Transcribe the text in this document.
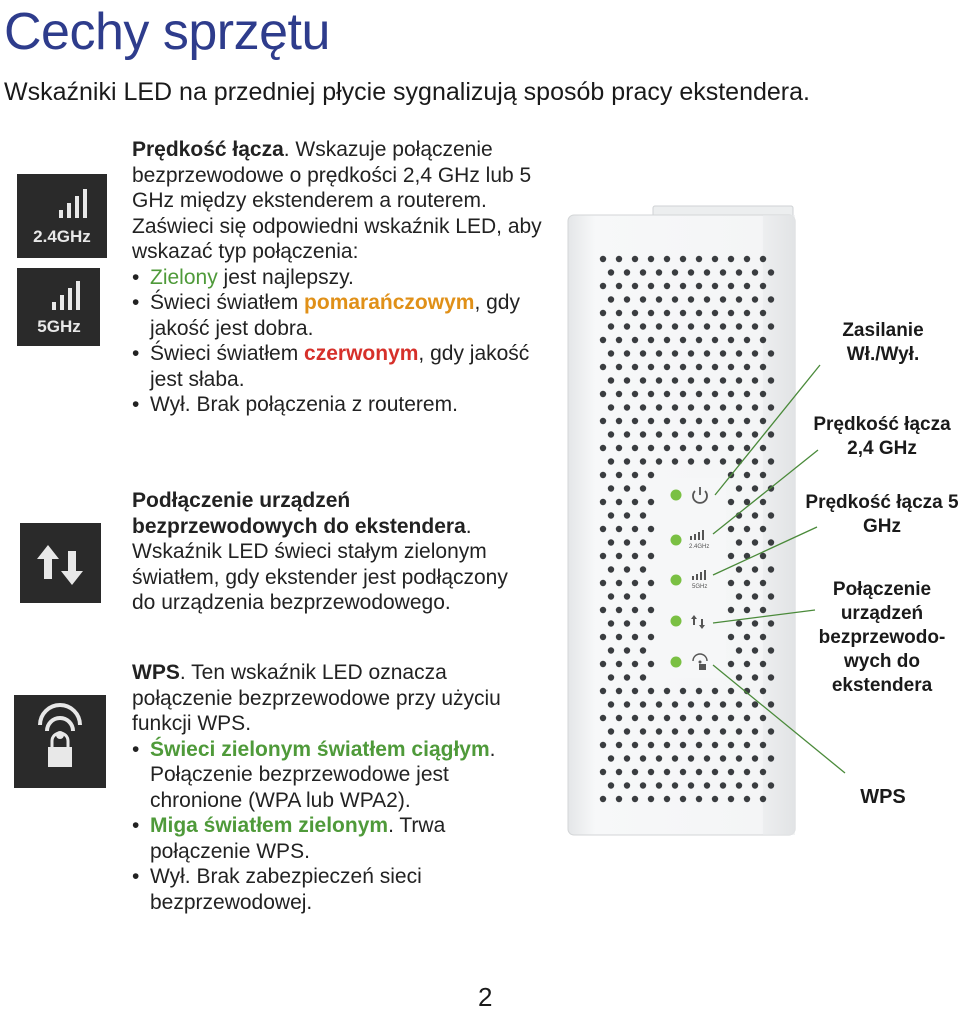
Cechy sprzętu

Wskaźniki LED na przedniej płycie sygnalizują sposób pracy ekstendera.

2.4GHz
5GHz

Prędkość łącza. Wskazuje połączenie bezprzewodowe o prędkości 2,4 GHz lub 5 GHz między ekstenderem a routerem. Zaświeci się odpowiedni wskaźnik LED, aby wskazać typ połączenia:

• Zielony jest najlepszy.
• Świeci światłem pomarańczowym, gdy jakość jest dobra.
• Świeci światłem czerwonym, gdy jakość jest słaba.
• Wył. Brak połączenia z routerem.

Podłączenie urządzeń bezprzewodowych do ekstendera. Wskaźnik LED świeci stałym zielonym światłem, gdy ekstender jest podłączony do urządzenia bezprzewodowego.

WPS. Ten wskaźnik LED oznacza połączenie bezprzewodowe przy użyciu funkcji WPS.

• Świeci zielonym światłem ciągłym. Połączenie bezprzewodowe jest chronione (WPA lub WPA2).
• Miga światłem zielonym. Trwa połączenie WPS.
• Wył. Brak zabezpieczeń sieci bezprzewodowej.
2.4GHz
5GHz
Zasilanie Wł./Wył.
Prędkość łącza 2,4 GHz
Prędkość łącza 5 GHz
Połączenie urządzeń bezprzewodo-wych do ekstendera
WPS
2
